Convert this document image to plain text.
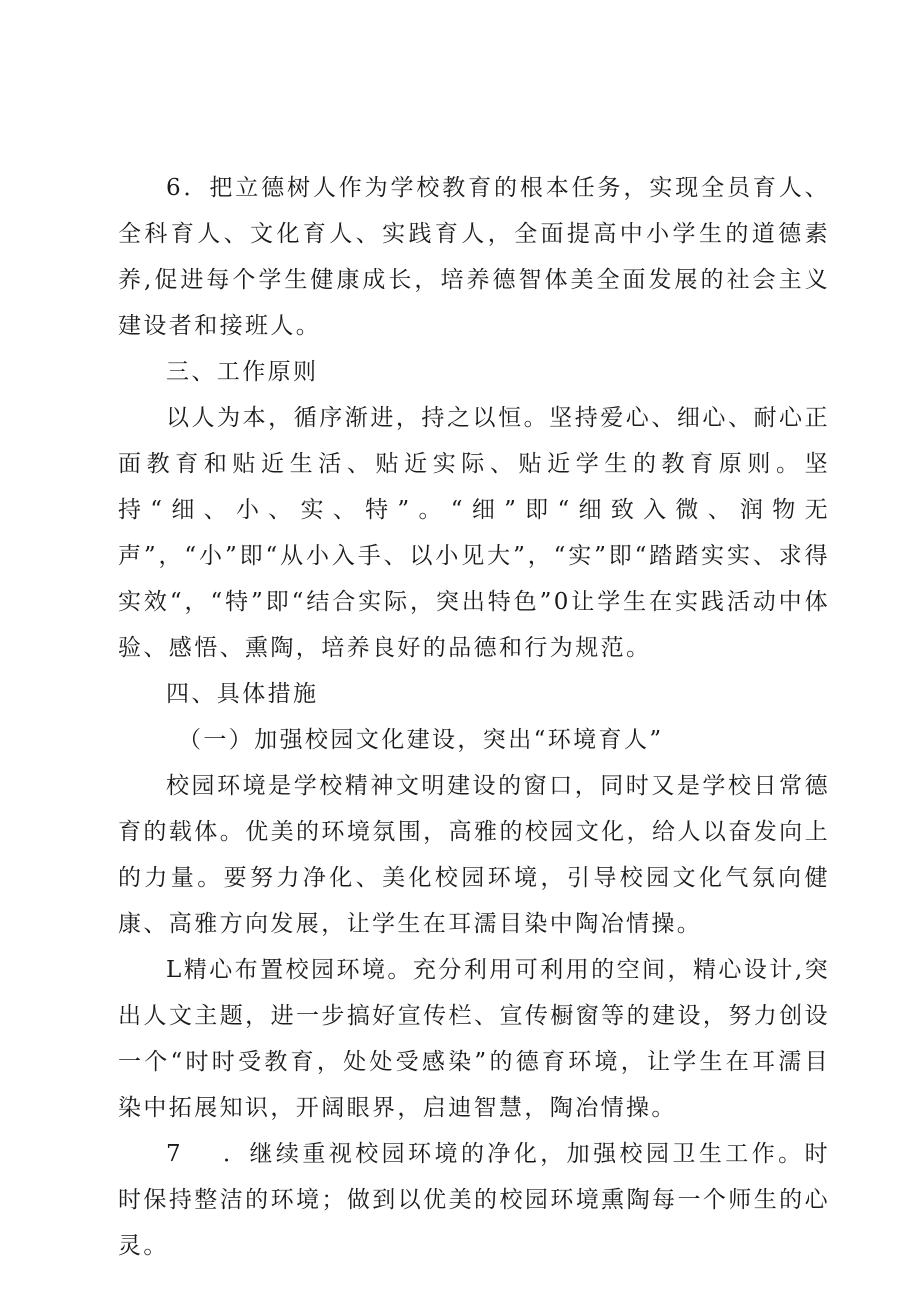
6．把立德树人作为学校教育的根本任务，实现全员育人、全科育人、文化育人、实践育人，全面提高中小学生的道德素养,促进每个学生健康成长，培养德智体美全面发展的社会主义建设者和接班人。

三、工作原则

以人为本，循序渐进，持之以恒。坚持爱心、细心、耐心正面教育和贴近生活、贴近实际、贴近学生的教育原则。坚持“细、小、实、特”。“细”即“细致入微、润物无声”，“小”即“从小入手、以小见大”，“实”即“踏踏实实、求得实效“，“特”即“结合实际，突出特色”0让学生在实践活动中体验、感悟、熏陶，培养良好的品德和行为规范。

四、具体措施

（一）加强校园文化建设，突出“环境育人”

校园环境是学校精神文明建设的窗口，同时又是学校日常德育的载体。优美的环境氛围，高雅的校园文化，给人以奋发向上的力量。要努力净化、美化校园环境，引导校园文化气氛向健康、高雅方向发展，让学生在耳濡目染中陶冶情操。

L精心布置校园环境。充分利用可利用的空间，精心设计,突出人文主题，进一步搞好宣传栏、宣传橱窗等的建设，努力创设一个“时时受教育，处处受感染”的德育环境，让学生在耳濡目染中拓展知识，开阔眼界，启迪智慧，陶冶情操。

7 ．继续重视校园环境的净化，加强校园卫生工作。时时保持整洁的环境；做到以优美的校园环境熏陶每一个师生的心灵。
